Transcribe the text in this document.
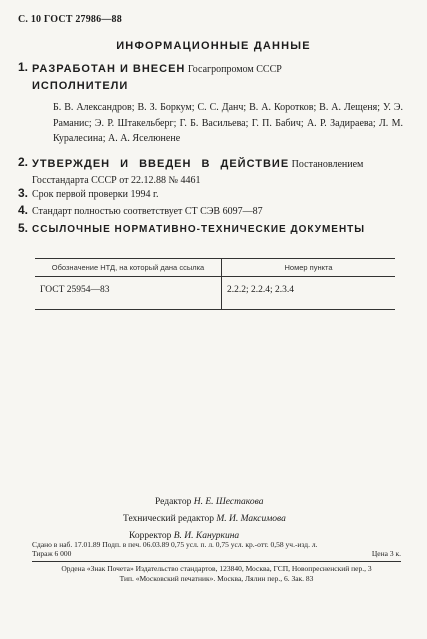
С. 10 ГОСТ 27986—88
ИНФОРМАЦИОННЫЕ ДАННЫЕ
1. РАЗРАБОТАН И ВНЕСЕН Госагропромом СССР
ИСПОЛНИТЕЛИ
Б. В. Александров; В. З. Боркум; С. С. Данч; В. А. Коротков; В. А. Лещеня; У. Э. Раманис; Э. Р. Штакельберг; Г. Б. Васильева; Г. П. Бабич; А. Р. Задираева; Л. М. Куралесина; А. А. Яселюнене
2. УТВЕРЖДЕН И ВВЕДЕН В ДЕЙСТВИЕ Постановлением Госстандарта СССР от 22.12.88 № 4461
3. Срок первой проверки 1994 г.
4. Стандарт полностью соответствует СТ СЭВ 6097—87
5. ССЫЛОЧНЫЕ НОРМАТИВНО-ТЕХНИЧЕСКИЕ ДОКУМЕНТЫ
Обозначение НТД, на который дана ссылка	Номер пункта
ГОСТ 25954—83	2.2.2; 2.2.4; 2.3.4
Редактор Н. Е. Шестакова
Технический редактор М. И. Максимова
Корректор В. И. Кануркина
Сдано в наб. 17.01.89 Подп. в печ. 06.03.89 0,75 усл. п. л. 0,75 усл. кр.-отт. 0,58 уч.-изд. л.
Тираж 6 000	Цена 3 к.
Ордена «Знак Почета» Издательство стандартов, 123840, Москва, ГСП, Новопресненский пер., 3
Тип. «Московский печатник». Москва, Лялин пер., 6. Зак. 83
